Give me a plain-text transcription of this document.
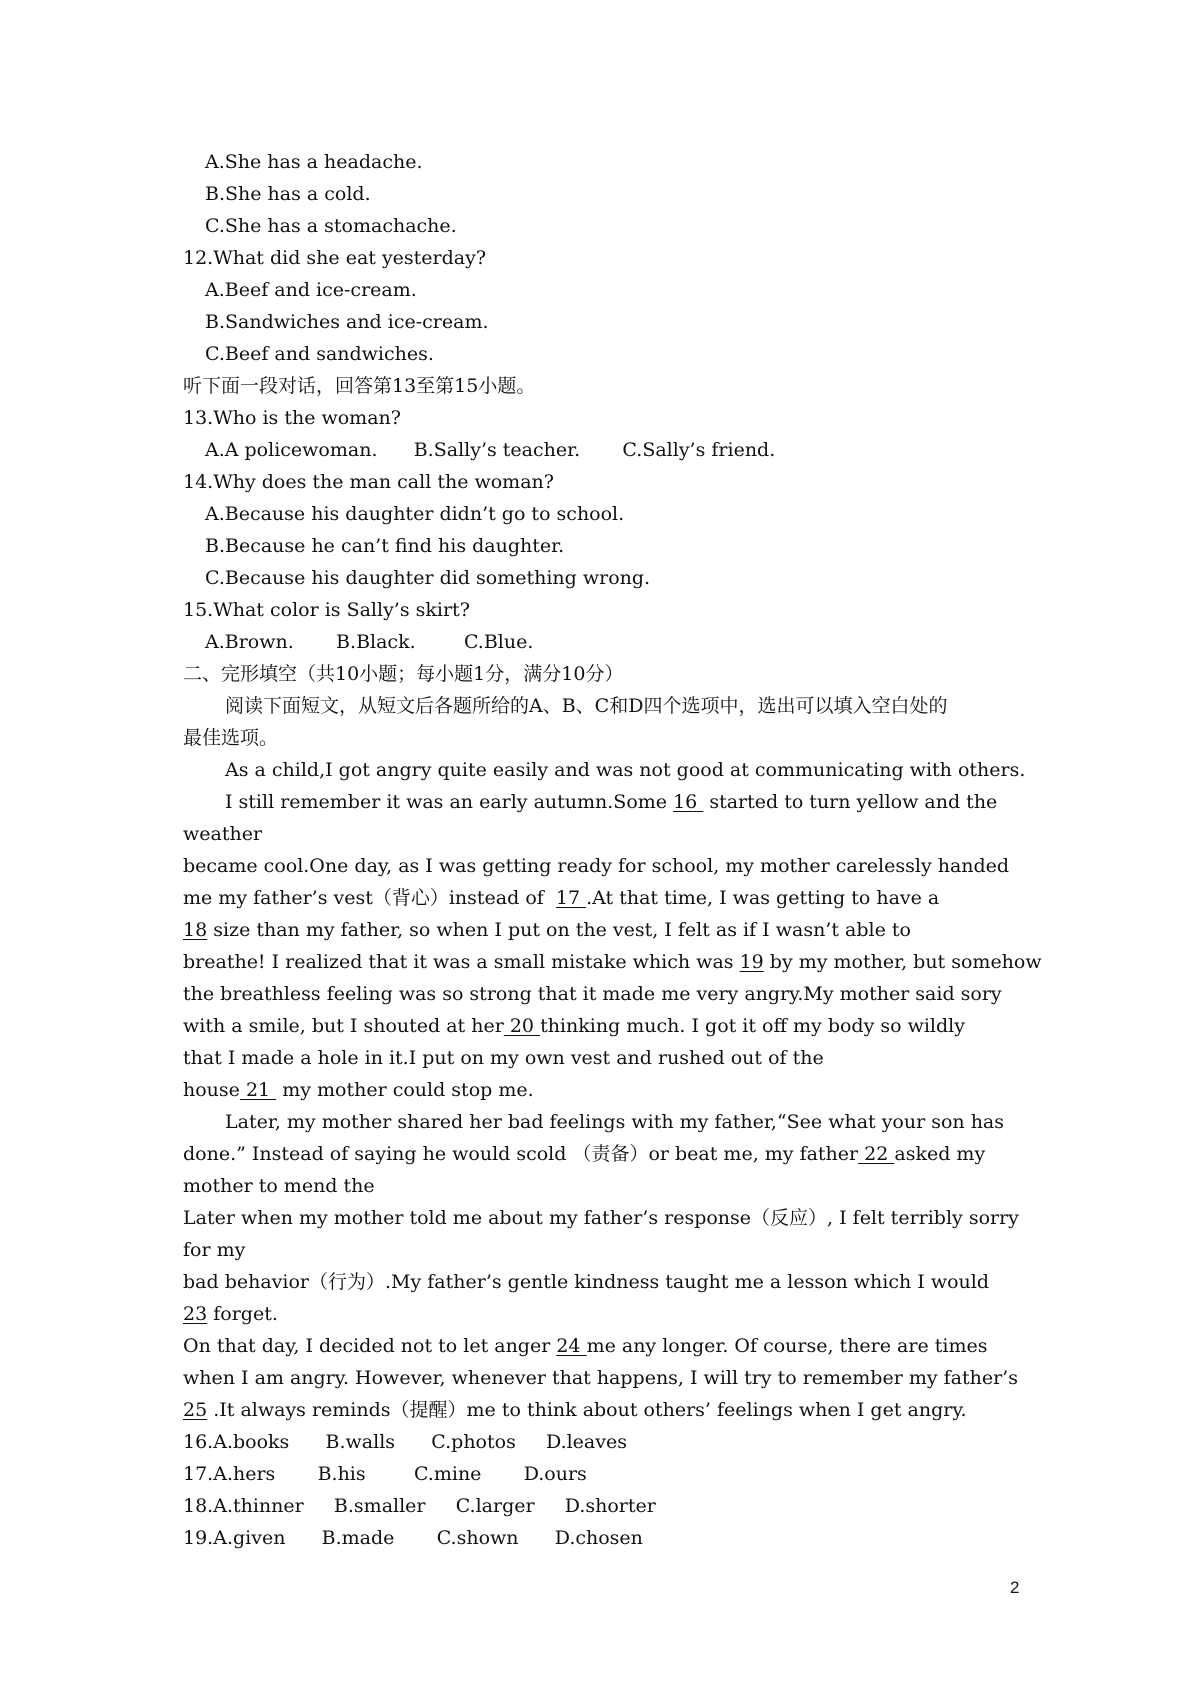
A.She has a headache.
B.She has a cold.
C.She has a stomachache.
12.What did she eat yesterday?
A.Beef and ice-cream.
B.Sandwiches and ice-cream.
C.Beef and sandwiches.
听下面一段对话，回答第13至第15小题。
13.Who is the woman?
A.A policewoman.      B.Sally’s teacher.       C.Sally’s friend.
14.Why does the man call the woman?
A.Because his daughter didn’t go to school.
B.Because he can’t find his daughter.
C.Because his daughter did something wrong.
15.What color is Sally’s skirt?
A.Brown.       B.Black.        C.Blue.
二、完形填空（共10小题；每小题1分，满分10分）
阅读下面短文，从短文后各题所给的A、B、C和D四个选项中，选出可以填入空白处的
最佳选项。
As a child,I got angry quite easily and was not good at communicating with others.
I still remember it was an early autumn.Some 16  started to turn yellow and the
weather
became cool.One day, as I was getting ready for school, my mother carelessly handed
me my father’s vest（背心）instead of  17 .At that time, I was getting to have a
18 size than my father, so when I put on the vest, I felt as if I wasn’t able to
breathe! I realized that it was a small mistake which was 19 by my mother, but somehow
the breathless feeling was so strong that it made me very angry.My mother said sory
with a smile, but I shouted at her 20 thinking much. I got it off my body so wildly
that I made a hole in it.I put on my own vest and rushed out of the
house 21  my mother could stop me.
Later, my mother shared her bad feelings with my father,“See what your son has
done.” Instead of saying he would scold （责备）or beat me, my father 22 asked my
mother to mend the
Later when my mother told me about my father’s response（反应）, I felt terribly sorry
for my
bad behavior（行为）.My father’s gentle kindness taught me a lesson which I would
23 forget.
On that day, I decided not to let anger 24 me any longer. Of course, there are times
when I am angry. However, whenever that happens, I will try to remember my father’s
25 .It always reminds（提醒）me to think about others’ feelings when I get angry.
16.A.books      B.walls      C.photos     D.leaves
17.A.hers       B.his        C.mine       D.ours
18.A.thinner     B.smaller     C.larger     D.shorter
19.A.given      B.made       C.shown      D.chosen
2
